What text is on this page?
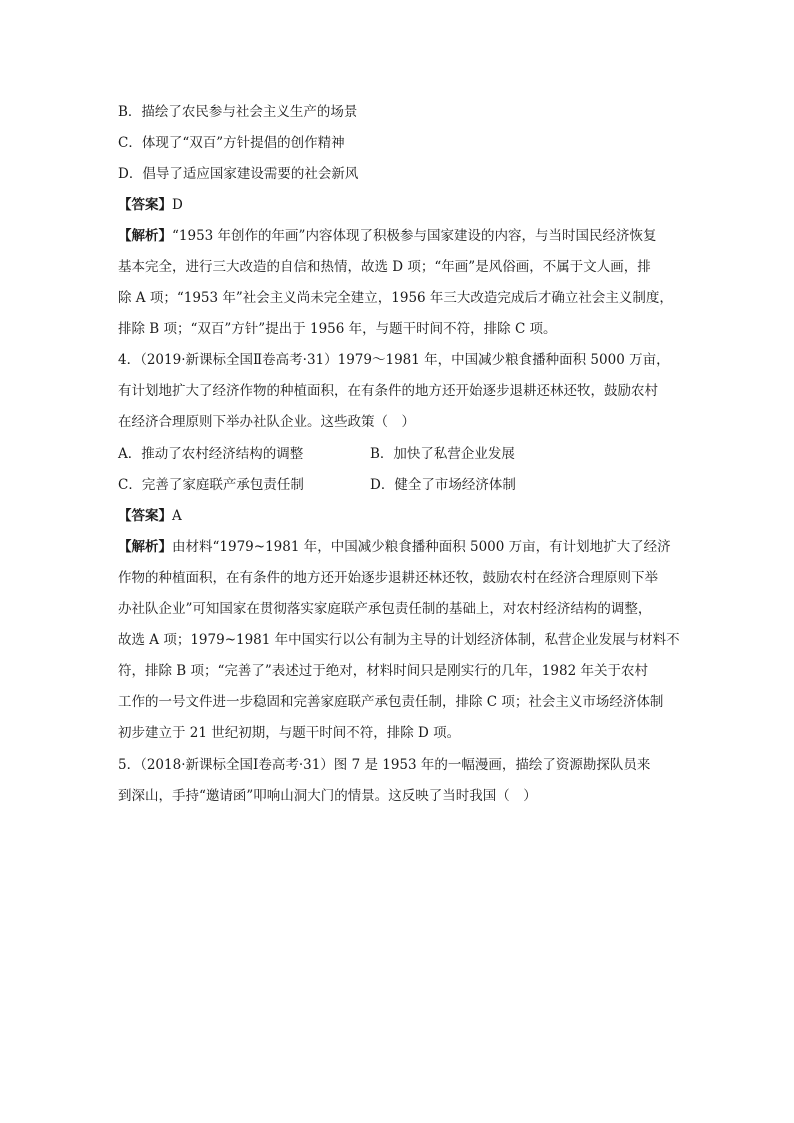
B．描绘了农民参与社会主义生产的场景
C．体现了“双百”方针提倡的创作精神
D．倡导了适应国家建设需要的社会新风
【答案】D
【解析】“1953 年创作的年画”内容体现了积极参与国家建设的内容，与当时国民经济恢复
基本完全，进行三大改造的自信和热情，故选 D 项；“年画”是风俗画，不属于文人画，排
除 A 项；“1953 年”社会主义尚未完全建立，1956 年三大改造完成后才确立社会主义制度，
排除 B 项；“双百”方针”提出于 1956 年，与题干时间不符，排除 C 项。
4．（2019·新课标全国Ⅱ卷高考·31）1979～1981 年，中国减少粮食播种面积 5000 万亩，
有计划地扩大了经济作物的种植面积，在有条件的地方还开始逐步退耕还林还牧，鼓励农村
在经济合理原则下举办社队企业。这些政策（　）
A．推动了农村经济结构的调整	B．加快了私营企业发展
C．完善了家庭联产承包责任制	D．健全了市场经济体制
【答案】A
【解析】由材料“1979~1981 年，中国减少粮食播种面积 5000 万亩，有计划地扩大了经济
作物的种植面积，在有条件的地方还开始逐步退耕还林还牧，鼓励农村在经济合理原则下举
办社队企业”可知国家在贯彻落实家庭联产承包责任制的基础上，对农村经济结构的调整，
故选 A 项；1979~1981 年中国实行以公有制为主导的计划经济体制，私营企业发展与材料不
符，排除 B 项；“完善了”表述过于绝对，材料时间只是刚实行的几年，1982 年关于农村
工作的一号文件进一步稳固和完善家庭联产承包责任制，排除 C 项；社会主义市场经济体制
初步建立于 21 世纪初期，与题干时间不符，排除 D 项。
5．（2018·新课标全国Ⅰ卷高考·31）图 7 是 1953 年的一幅漫画，描绘了资源勘探队员来
到深山，手持“邀请函”叩响山洞大门的情景。这反映了当时我国（　）
